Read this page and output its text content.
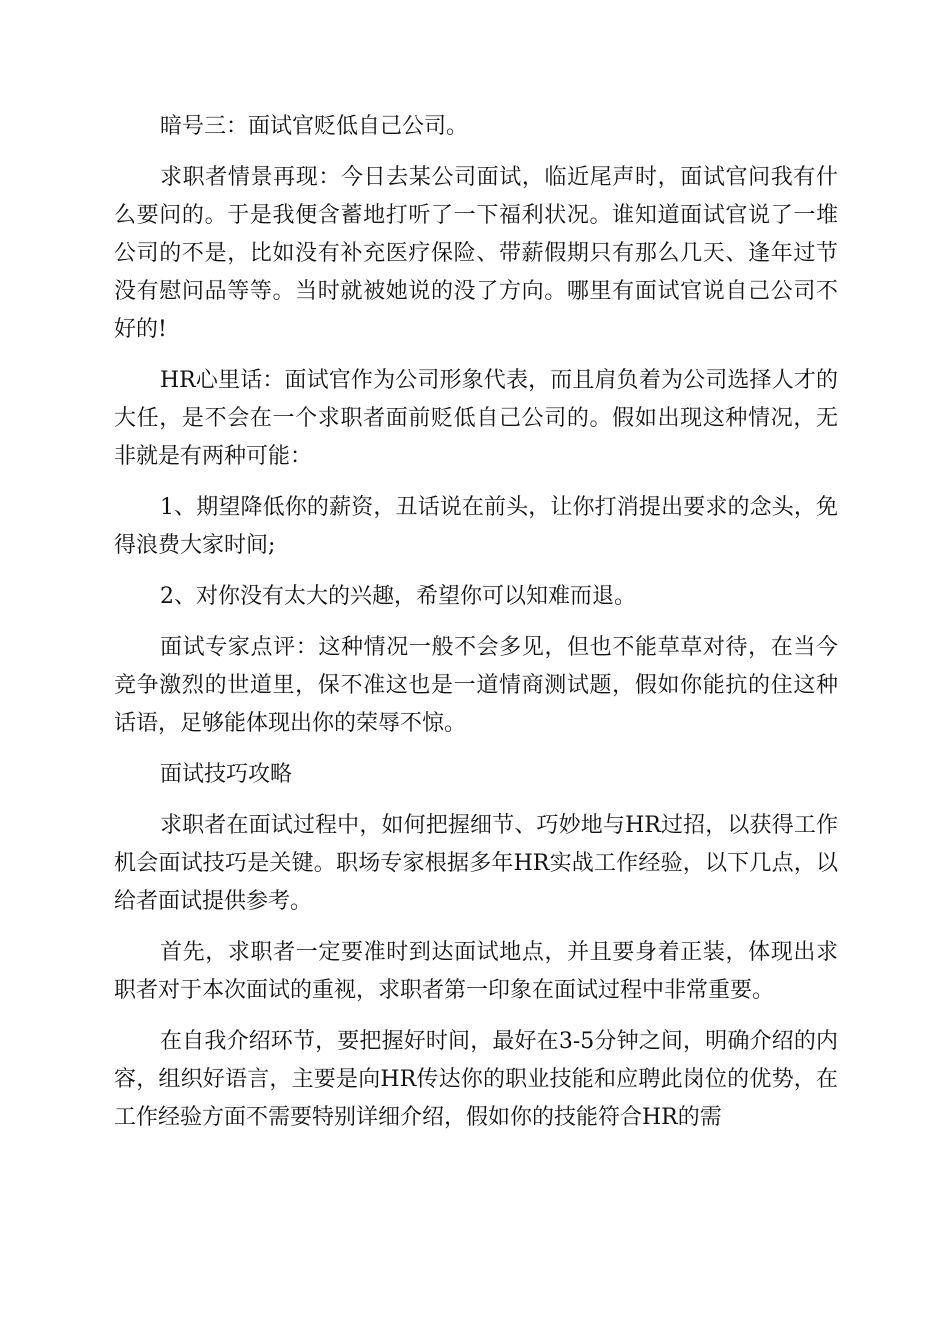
暗号三：面试官贬低自己公司。

求职者情景再现：今日去某公司面试，临近尾声时，面试官问我有什么要问的。于是我便含蓄地打听了一下福利状况。谁知道面试官说了一堆公司的不是，比如没有补充医疗保险、带薪假期只有那么几天、逢年过节没有慰问品等等。当时就被她说的没了方向。哪里有面试官说自己公司不好的!

HR心里话：面试官作为公司形象代表，而且肩负着为公司选择人才的大任，是不会在一个求职者面前贬低自己公司的。假如出现这种情况，无非就是有两种可能：

1、期望降低你的薪资，丑话说在前头，让你打消提出要求的念头，免得浪费大家时间;

2、对你没有太大的兴趣，希望你可以知难而退。

面试专家点评：这种情况一般不会多见，但也不能草草对待，在当今竞争激烈的世道里，保不准这也是一道情商测试题，假如你能抗的住这种话语，足够能体现出你的荣辱不惊。

面试技巧攻略

求职者在面试过程中，如何把握细节、巧妙地与HR过招，以获得工作机会面试技巧是关键。职场专家根据多年HR实战工作经验，以下几点，以给者面试提供参考。

首先，求职者一定要准时到达面试地点，并且要身着正装，体现出求职者对于本次面试的重视，求职者第一印象在面试过程中非常重要。

在自我介绍环节，要把握好时间，最好在3-5分钟之间，明确介绍的内容，组织好语言，主要是向HR传达你的职业技能和应聘此岗位的优势，在工作经验方面不需要特别详细介绍，假如你的技能符合HR的需
